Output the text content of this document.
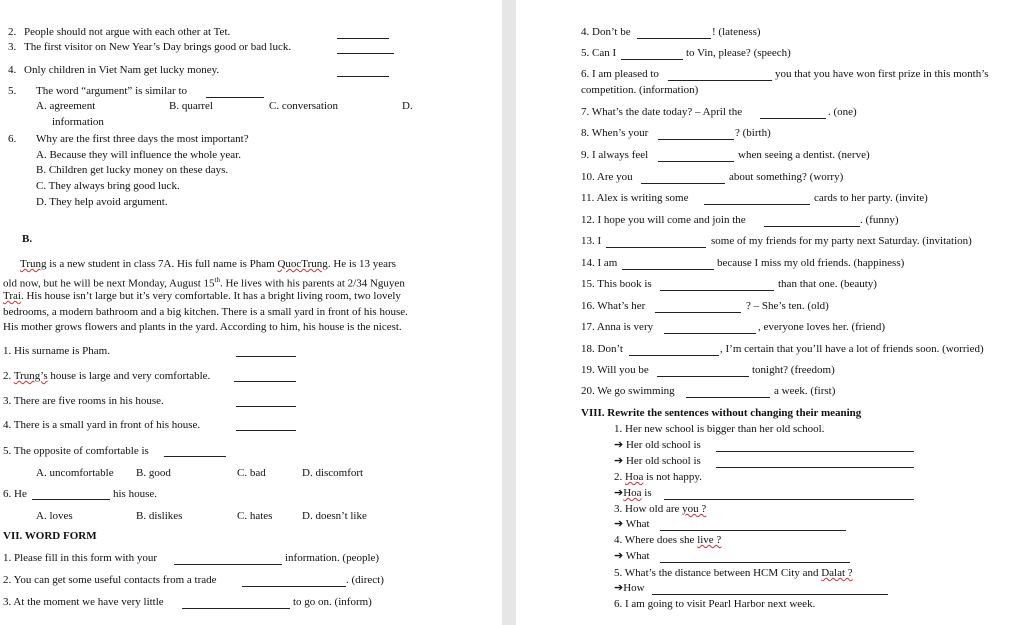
2. People should not argue with each other at Tet.
3. The first visitor on New Year’s Day brings good or bad luck.
4. Only children in Viet Nam get lucky money.
5. The word “argument” is similar to
A. agreement	B. quarrel	C. conversation	D.
information
6. Why are the first three days the most important?
A. Because they will influence the whole year.
B. Children get lucky money on these days.
C. They always bring good luck.
D. They help avoid argument.
B.
Trung is a new student in class 7A. His full name is Pham QuocTrung. He is 13 years
old now, but he will be next Monday, August 15th. He lives with his parents at 2/34 Nguyen
Trai. His house isn’t large but it’s very comfortable. It has a bright living room, two lovely
bedrooms, a modern bathroom and a big kitchen. There is a small yard in front of his house.
His mother grows flowers and plants in the yard. According to him, his house is the nicest.
1. His surname is Pham.
2. Trung’s house is large and very comfortable.
3. There are five rooms in his house.
4. There is a small yard in front of his house.
5. The opposite of comfortable is
A. uncomfortable B. good	C. bad	D. discomfort
6. He	his house.
A. loves	B. dislikes	C. hates	D. doesn’t like
VII. WORD FORM
1. Please fill in this form with your	information. (people)
2. You can get some useful contacts from a trade	. (direct)
3. At the moment we have very little	to go on. (inform)
4. Don’t be	! (lateness)
5. Can I	to Vin, please? (speech)
6. I am pleased to	you that you have won first prize in this month’s
competition. (information)
7. What’s the date today? – April the	. (one)
8. When’s your	? (birth)
9. I always feel	when seeing a dentist. (nerve)
10. Are you	about something? (worry)
11. Alex is writing some	cards to her party. (invite)
12. I hope you will come and join the	. (funny)
13. I	some of my friends for my party next Saturday. (invitation)
14. I am	because I miss my old friends. (happiness)
15. This book is	than that one. (beauty)
16. What’s her	? – She’s ten. (old)
17. Anna is very	, everyone loves her. (friend)
18. Don’t	, I’m certain that you’ll have a lot of friends soon. (worried)
19. Will you be	tonight? (freedom)
20. We go swimming	a week. (first)
VIII. Rewrite the sentences without changing their meaning
1. Her new school is bigger than her old school.
➔ Her old school is
➔ Her old school is
2. Hoa is not happy.
➔Hoa is
3. How old are you ?
➔ What
4. Where does she live ?
➔ What
5. What’s the distance between HCM City and Dalat ?
➔How
6. I am going to visit Pearl Harbor next week.
